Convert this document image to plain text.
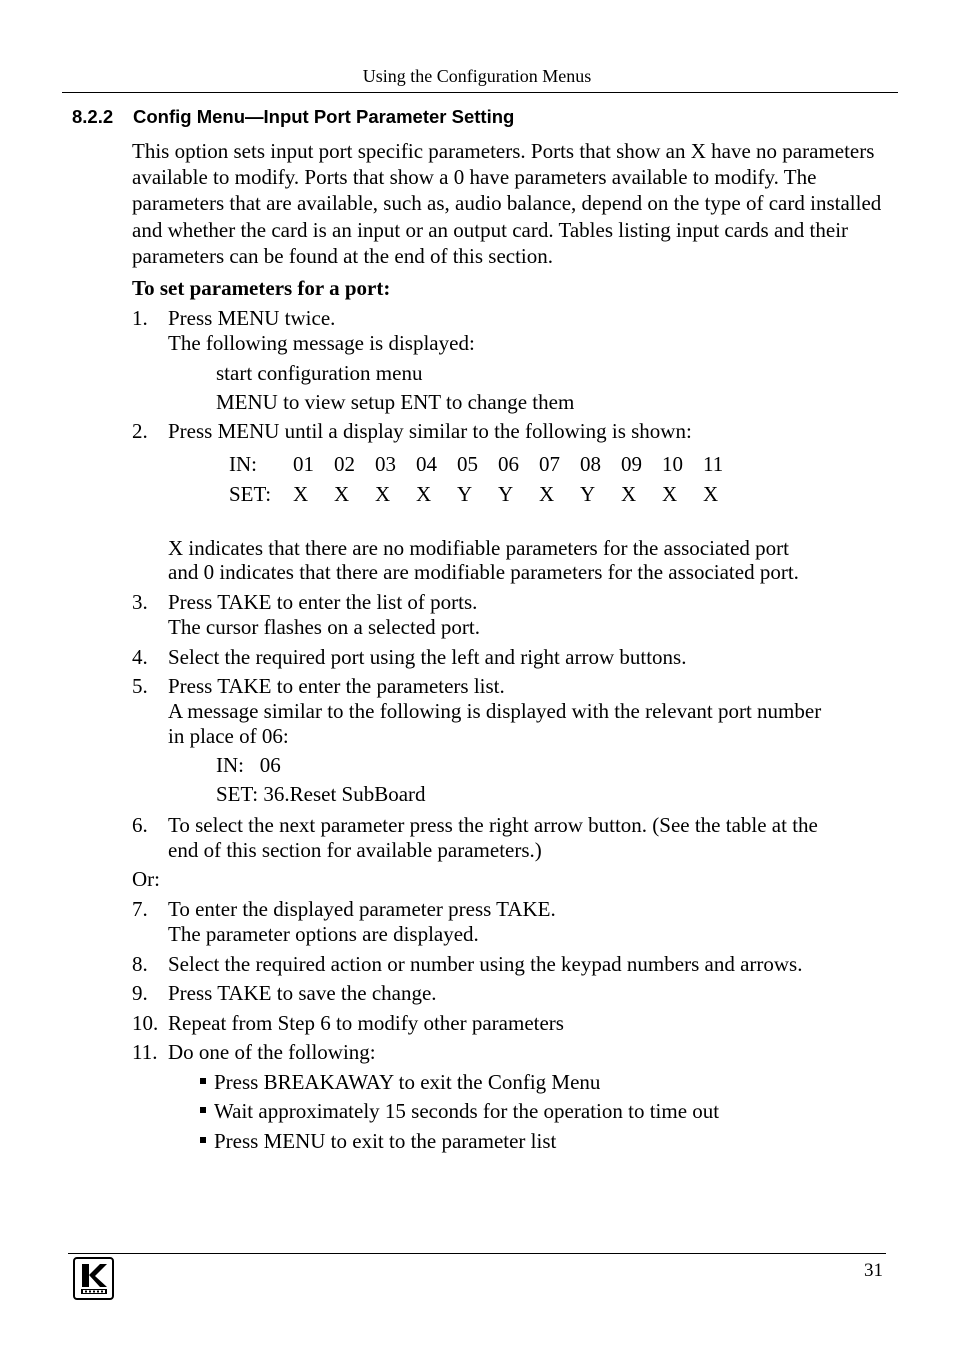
Using the Configuration Menus
8.2.2 Config Menu—Input Port Parameter Setting
This option sets input port specific parameters. Ports that show an X have no parameters available to modify. Ports that show a 0 have parameters available to modify. The parameters that are available, such as, audio balance, depend on the type of card installed and whether the card is an input or an output card. Tables listing input cards and their parameters can be found at the end of this section.
To set parameters for a port:
1. Press MENU twice.
The following message is displayed:
start configuration menu
MENU to view setup ENT to change them
2. Press MENU until a display similar to the following is shown:
IN: 01 02 03 04 05 06 07 08 09 10 11
SET: X X X X Y Y X Y X X X
X indicates that there are no modifiable parameters for the associated port
and 0 indicates that there are modifiable parameters for the associated port.
3. Press TAKE to enter the list of ports.
The cursor flashes on a selected port.
4. Select the required port using the left and right arrow buttons.
5. Press TAKE to enter the parameters list.
A message similar to the following is displayed with the relevant port number
in place of 06:
IN:   06
SET: 36.Reset SubBoard
6. To select the next parameter press the right arrow button. (See the table at the
end of this section for available parameters.)
Or:
7. To enter the displayed parameter press TAKE.
The parameter options are displayed.
8. Select the required action or number using the keypad numbers and arrows.
9. Press TAKE to save the change.
10. Repeat from Step 6 to modify other parameters
11. Do one of the following:
Press BREAKAWAY to exit the Config Menu
Wait approximately 15 seconds for the operation to time out
Press MENU to exit to the parameter list
31
